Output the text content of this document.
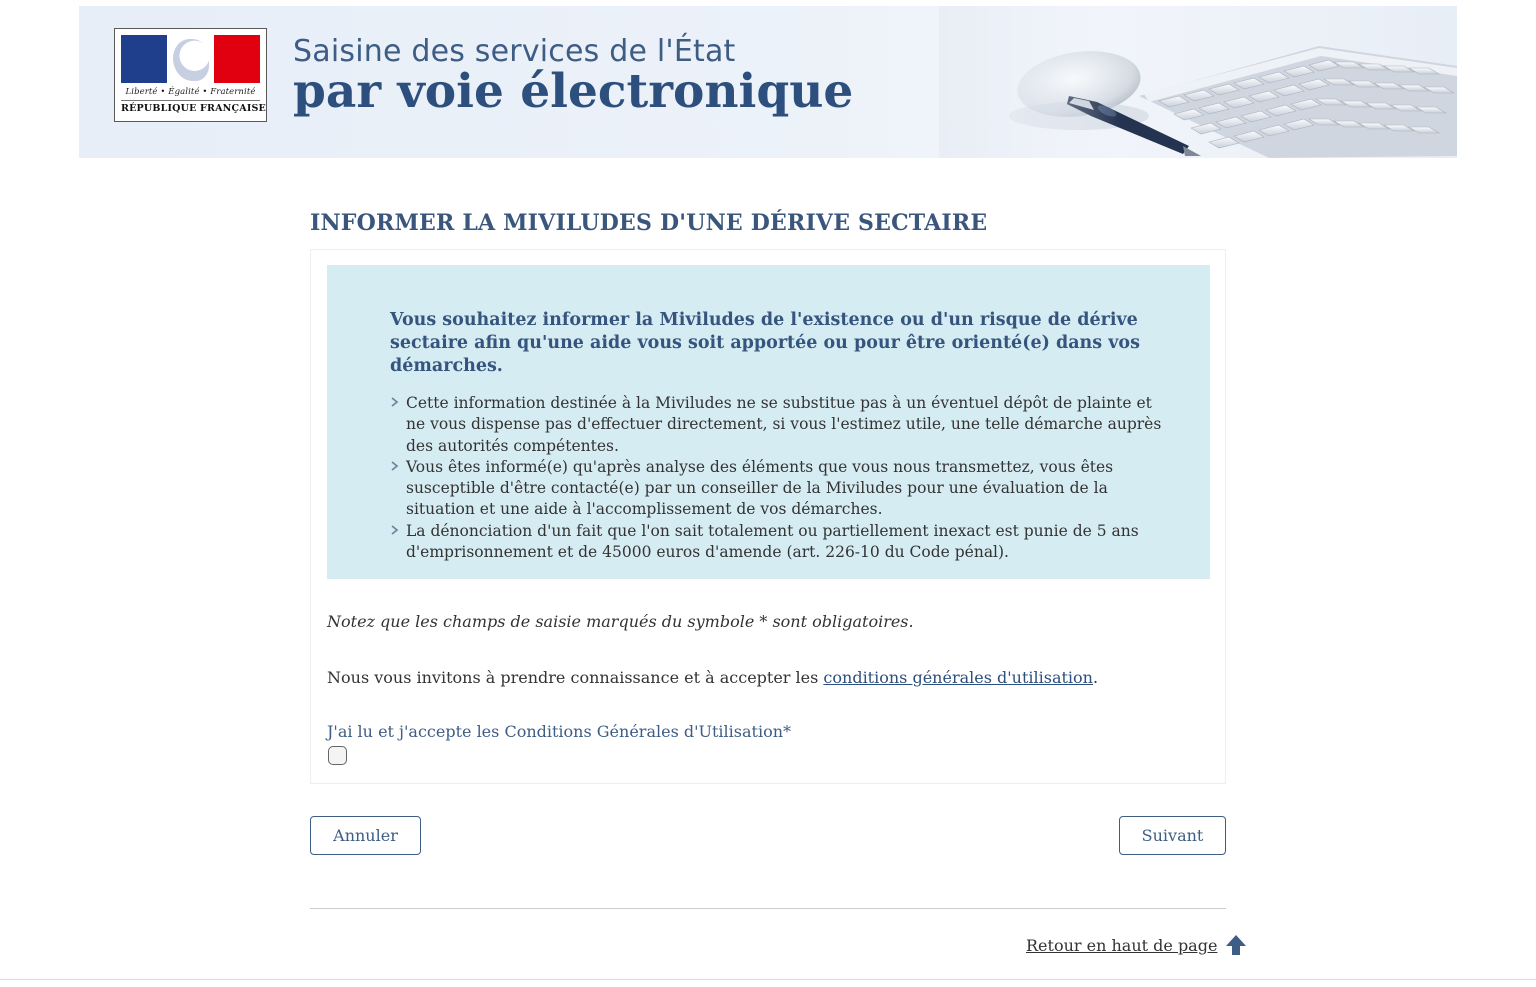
Liberté • Égalité • Fraternité
RÉPUBLIQUE FRANÇAISE
Saisine des services de l'État
par voie électronique
INFORMER LA MIVILUDES D'UNE DÉRIVE SECTAIRE

Vous souhaitez informer la Miviludes de l'existence ou d'un risque de dérive sectaire afin qu'une aide vous soit apportée ou pour être orienté(e) dans vos démarches.

Cette information destinée à la Miviludes ne se substitue pas à un éventuel dépôt de plainte et ne vous dispense pas d'effectuer directement, si vous l'estimez utile, une telle démarche auprès des autorités compétentes.
Vous êtes informé(e) qu'après analyse des éléments que vous nous transmettez, vous êtes susceptible d'être contacté(e) par un conseiller de la Miviludes pour une évaluation de la situation et une aide à l'accomplissement de vos démarches.
La dénonciation d'un fait que l'on sait totalement ou partiellement inexact est punie de 5 ans d'emprisonnement et de 45000 euros d'amende (art. 226-10 du Code pénal).
Notez que les champs de saisie marqués du symbole * sont obligatoires.
Nous vous invitons à prendre connaissance et à accepter les conditions générales d'utilisation.
J'ai lu et j'accepte les Conditions Générales d'Utilisation*
Annuler	Suivant
Retour en haut de page
